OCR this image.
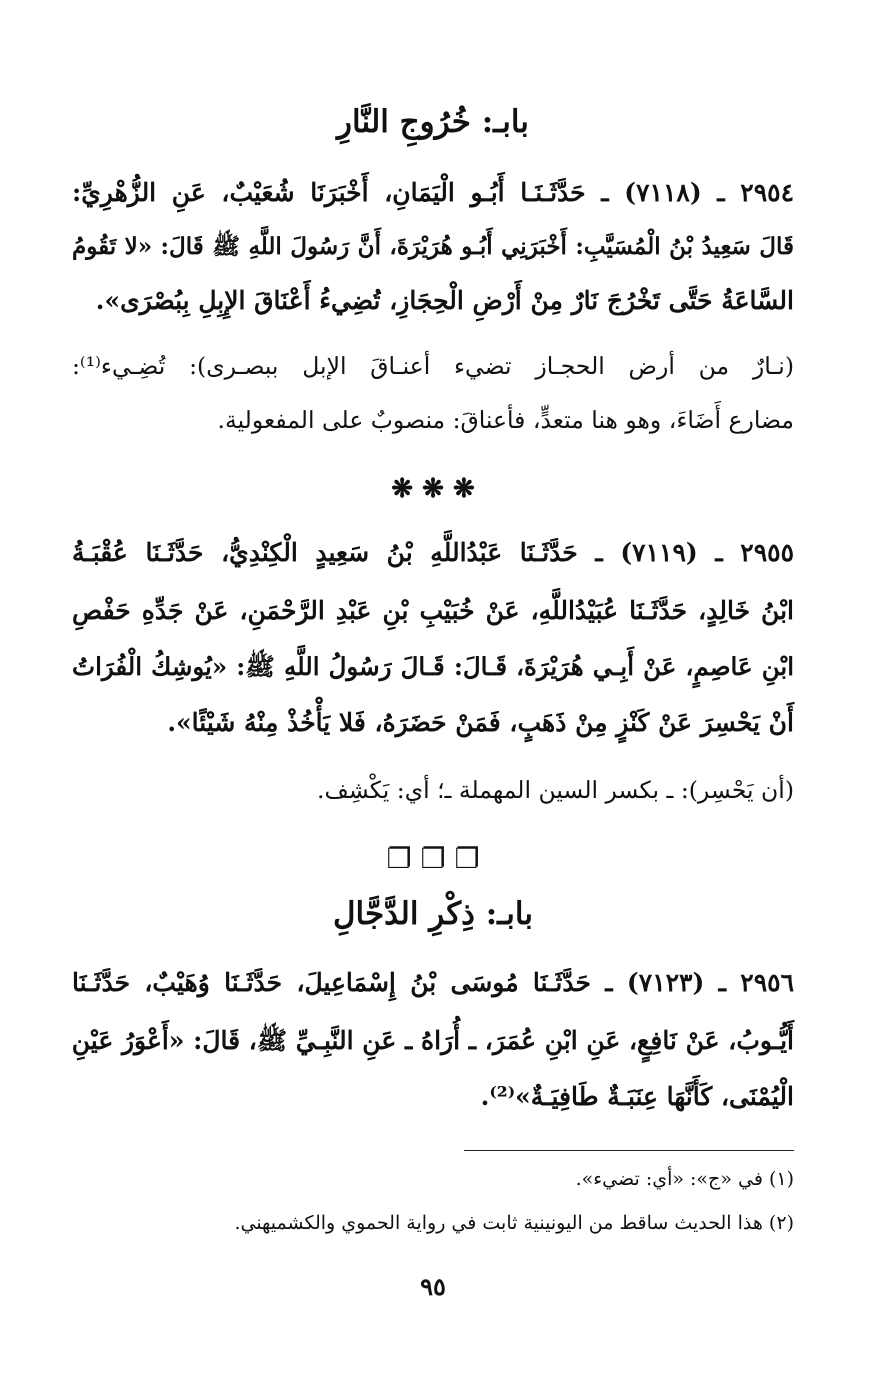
بابـ: خُرُوجِ النَّارِ
٢٩٥٤ ـ (٧١١٨) ـ حَدَّثَـنَـا أَبُـو الْيَمَانِ، أَخْبَرَنَا شُعَيْبٌ، عَنِ الزُّهْرِيِّ:
قَالَ سَعِيدُ بْنُ الْمُسَيَّبِ: أَخْبَرَنِي أَبُـو هُرَيْرَةَ، أَنَّ رَسُولَ اللَّهِ ﷺ قَالَ: «لا تَقُومُ
السَّاعَةُ حَتَّى تَخْرُجَ نَارٌ مِنْ أَرْضِ الْحِجَازِ، تُضِيءُ أَعْنَاقَ الإِبِلِ بِبُصْرَى».
(نـارٌ من أرض الحجـاز تضيء أعنـاقَ الإبل ببصـرى): تُضِـيء⁽¹⁾:
مضارع أَضَاءَ، وهو هنا متعدٍّ، فأعناقَ: منصوبٌ على المفعولية.
❋ ❋ ❋
٢٩٥٥ ـ (٧١١٩) ـ حَدَّثَـنَا عَبْدُاللَّهِ بْنُ سَعِيدٍ الْكِنْدِيُّ، حَدَّثَـنَا عُقْبَـةُ
ابْنُ خَالِدٍ، حَدَّثَـنَا عُبَيْدُاللَّهِ، عَنْ خُبَيْبِ بْنِ عَبْدِ الرَّحْمَنِ، عَنْ جَدِّهِ حَفْصِ
ابْنِ عَاصِمٍ، عَنْ أَبِـي هُرَيْرَةَ، قَـالَ: قَـالَ رَسُولُ اللَّهِ ﷺ: «يُوشِكُ الْفُرَاتُ
أَنْ يَحْسِرَ عَنْ كَنْزٍ مِنْ ذَهَبٍ، فَمَنْ حَضَرَهُ، فَلا يَأْخُذْ مِنْهُ شَيْئًا».
(أن يَحْسِر): ـ بكسر السين المهملة ـ؛ أي: يَكْشِف.
❐ ❐ ❐
بابـ: ذِكْرِ الدَّجَّالِ
٢٩٥٦ ـ (٧١٢٣) ـ حَدَّثَـنَا مُوسَى بْنُ إِسْمَاعِيلَ، حَدَّثَـنَا وُهَيْبٌ، حَدَّثَـنَا
أَيُّـوبُ، عَنْ نَافِعٍ، عَنِ ابْنِ عُمَرَ، ـ أُرَاهُ ـ عَنِ النَّبِـيِّ ﷺ، قَالَ: «أَعْوَرُ عَيْنِ
الْيُمْنَى، كَأَنَّهَا عِنَبَـةٌ طَافِيَـةٌ»⁽²⁾.
(١) في «ج»: «أي: تضيء».
(٢) هذا الحديث ساقط من اليونينية ثابت في رواية الحموي والكشميهني.
٩٥
